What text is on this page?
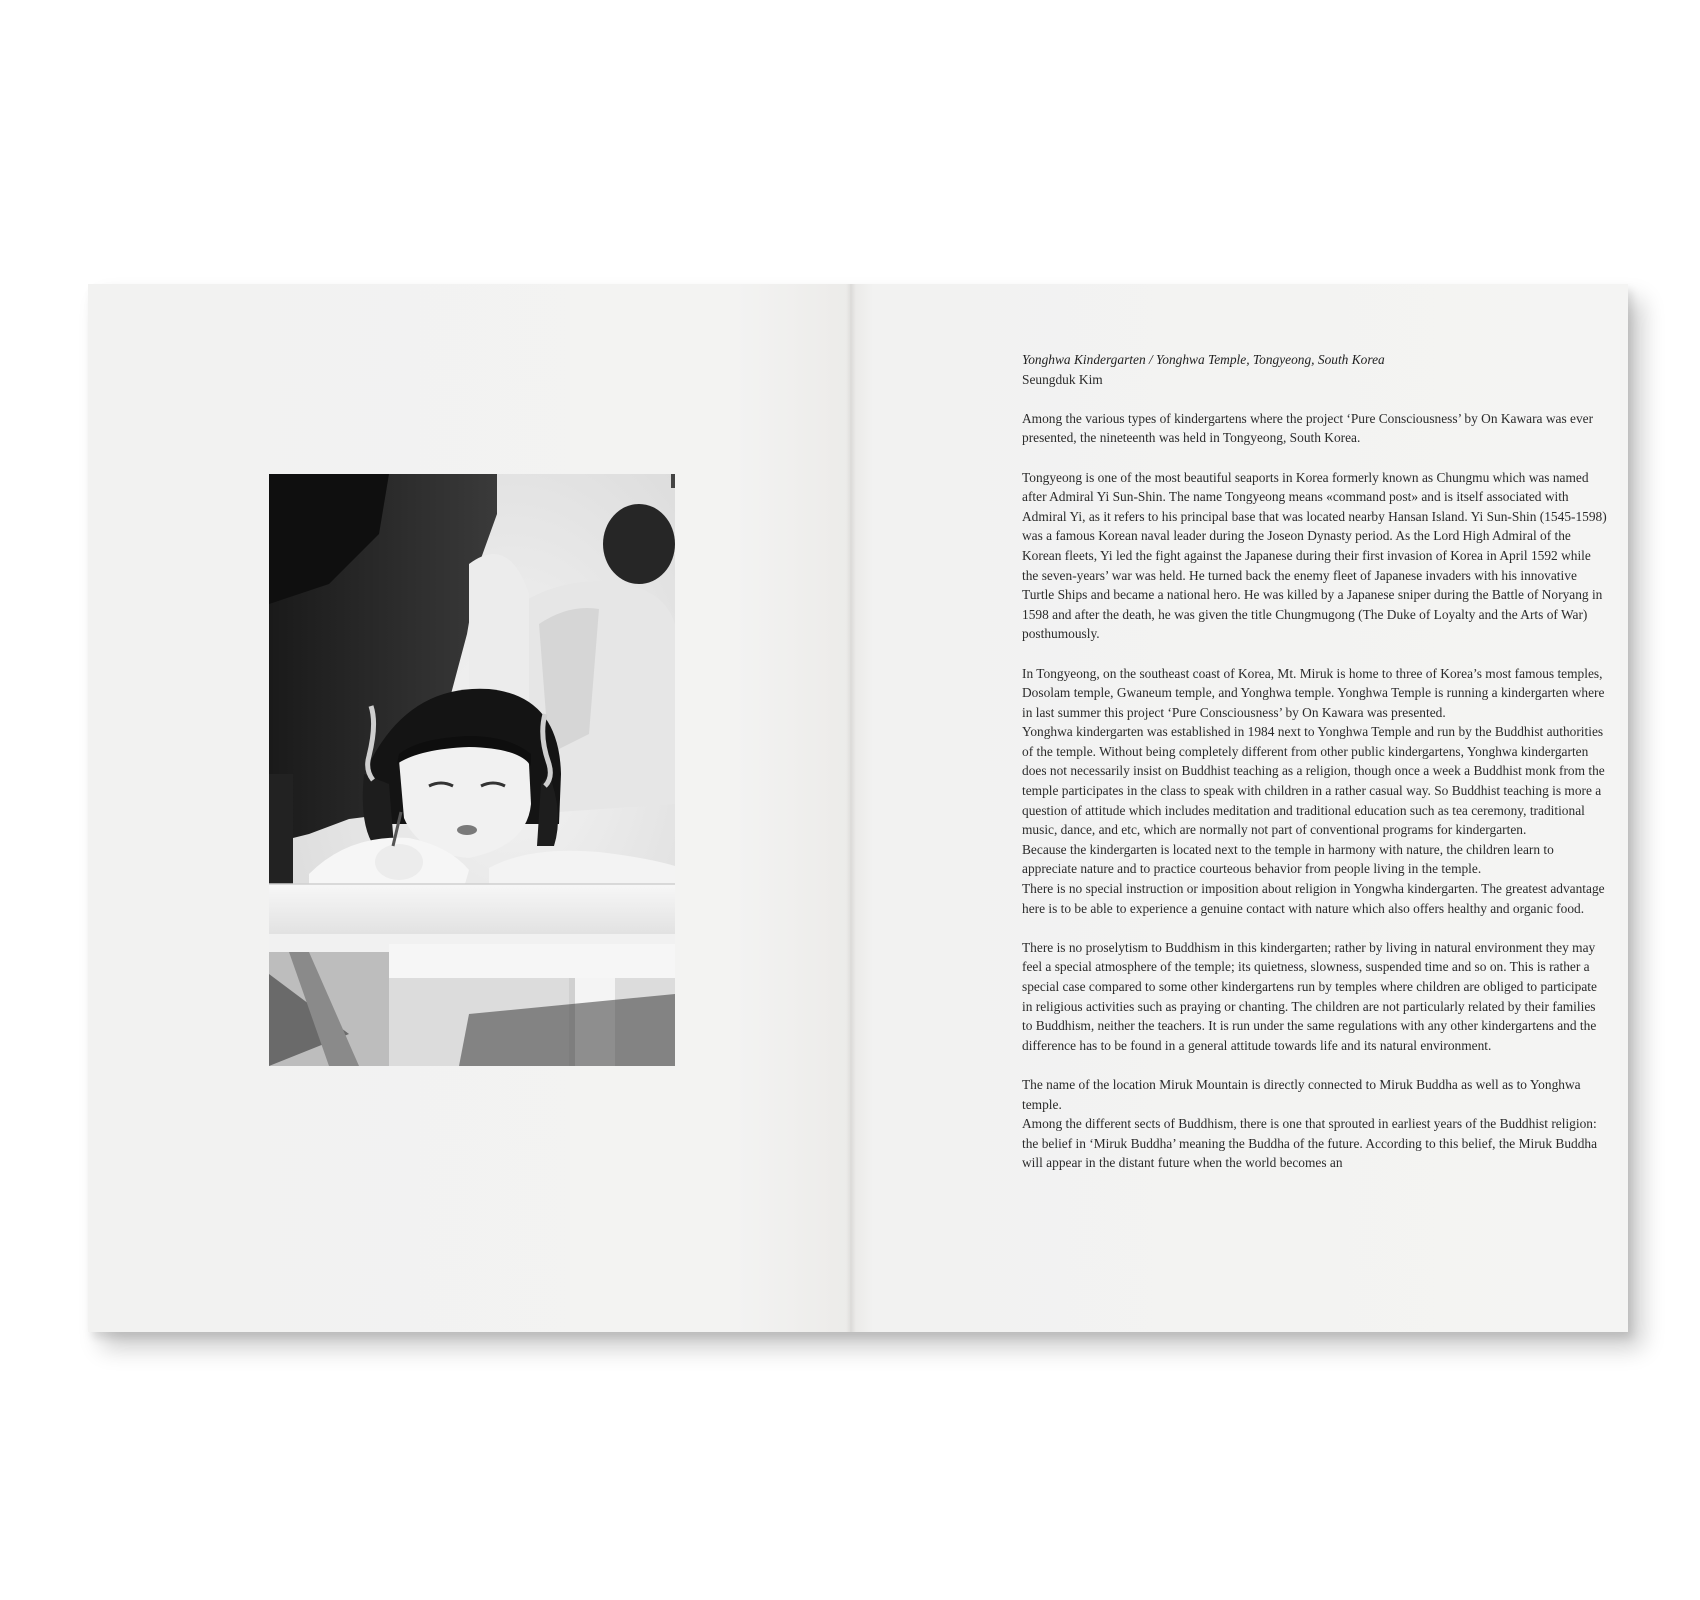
Yonghwa Kindergarten / Yonghwa Temple, Tongyeong, South Korea

Seungduk Kim

Among the various types of kindergartens where the project ‘Pure Consciousness’ by On Kawara was ever presented, the nineteenth was held in Tongyeong, South Korea.

Tongyeong is one of the most beautiful seaports in Korea formerly known as Chungmu which was named after Admiral Yi Sun-Shin. The name Tongyeong means «command post» and is itself associated with Admiral Yi, as it refers to his principal base that was located nearby Hansan Island. Yi Sun-Shin (1545-1598) was a famous Korean naval leader during the Joseon Dynasty period. As the Lord High Admiral of the Korean fleets, Yi led the fight against the Japanese during their first invasion of Korea in April 1592 while the seven-years’ war was held. He turned back the enemy fleet of Japanese invaders with his innovative Turtle Ships and became a national hero. He was killed by a Japanese sniper during the Battle of Noryang in 1598 and after the death, he was given the title Chungmugong (The Duke of Loyalty and the Arts of War) posthumously.

In Tongyeong, on the southeast coast of Korea, Mt. Miruk is home to three of Korea’s most famous temples, Dosolam temple, Gwaneum temple, and Yonghwa temple. Yonghwa Temple is running a kindergarten where in last summer this project ‘Pure Consciousness’ by On Kawara was presented.

Yonghwa kindergarten was established in 1984 next to Yonghwa Temple and run by the Buddhist authorities of the temple. Without being completely different from other public kindergartens, Yonghwa kindergarten does not necessarily insist on Buddhist teaching as a religion, though once a week a Buddhist monk from the temple participates in the class to speak with children in a rather casual way. So Buddhist teaching is more a question of attitude which includes meditation and traditional education such as tea ceremony, traditional music, dance, and etc, which are normally not part of conventional programs for kindergarten.

Because the kindergarten is located next to the temple in harmony with nature, the children learn to appreciate nature and to practice courteous behavior from people living in the temple.

There is no special instruction or imposition about religion in Yongwha kindergarten. The greatest advantage here is to be able to experience a genuine contact with nature which also offers healthy and organic food.

There is no proselytism to Buddhism in this kindergarten; rather by living in natural environment they may feel a special atmosphere of the temple; its quietness, slowness, suspended time and so on. This is rather a special case compared to some other kindergartens run by temples where children are obliged to participate in religious activities such as praying or chanting. The children are not particularly related by their families to Buddhism, neither the teachers. It is run under the same regulations with any other kindergartens and the difference has to be found in a general attitude towards life and its natural environment.

The name of the location Miruk Mountain is directly connected to Miruk Buddha as well as to Yonghwa temple.

Among the different sects of Buddhism, there is one that sprouted in earliest years of the Buddhist religion: the belief in ‘Miruk Buddha’ meaning the Buddha of the future. According to this belief, the Miruk Buddha will appear in the distant future when the world becomes an
